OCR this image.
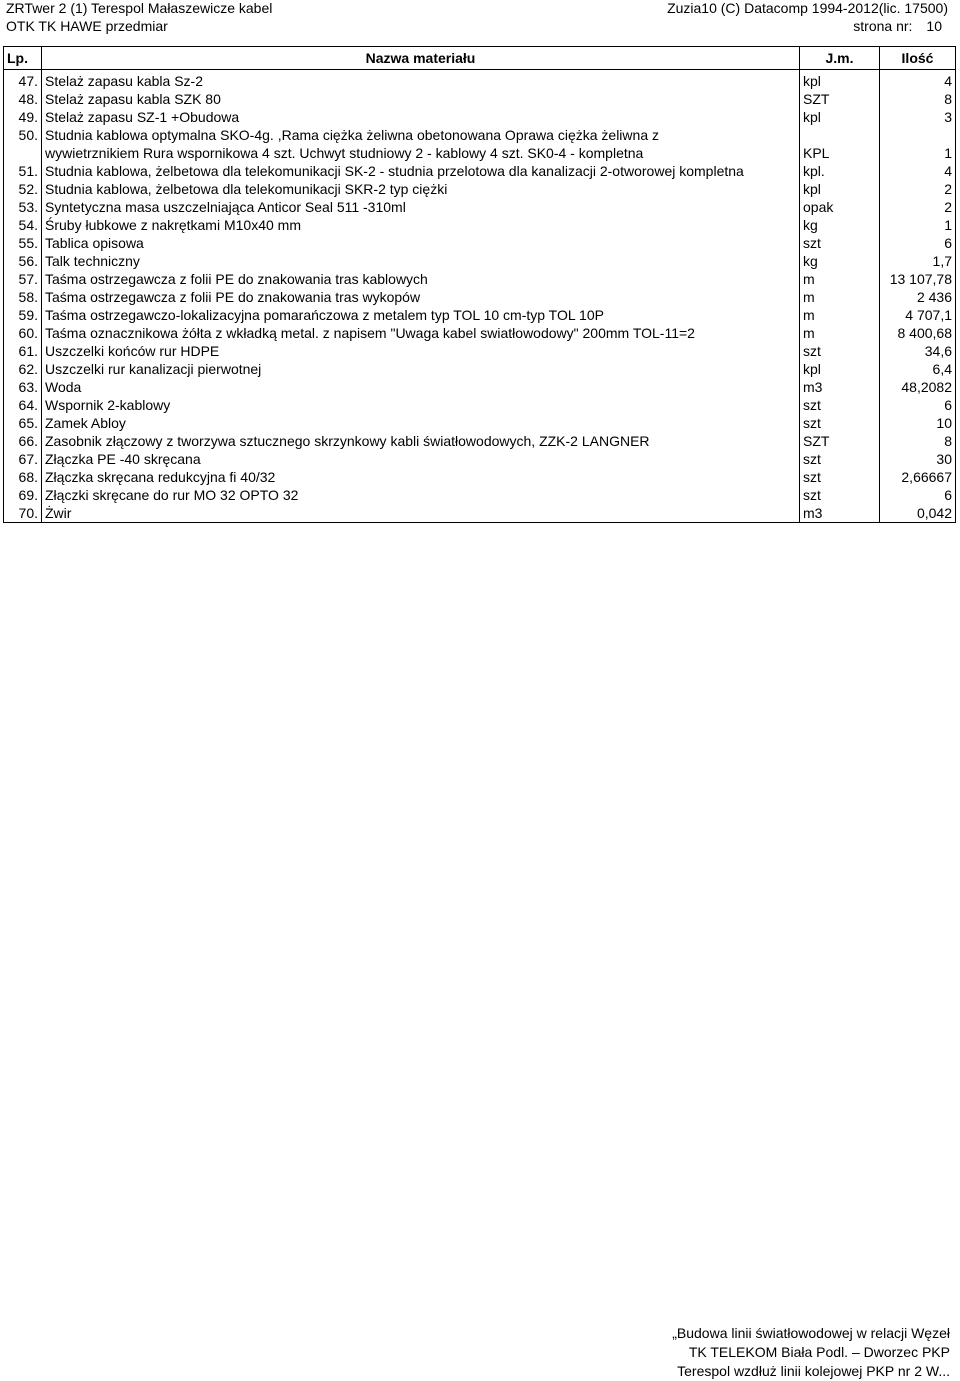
ZRTwer 2 (1) Terespol Małaszewicze kabel	Zuzia10 (C) Datacomp 1994-2012(lic. 17500)
OTK TK HAWE przedmiar	strona nr: 10
Lp.	Nazwa materiału	J.m.	Ilość
47.	Stelaż zapasu kabla Sz-2	kpl	4
48.	Stelaż zapasu kabla SZK 80	SZT	8
49.	Stelaż zapasu SZ-1 +Obudowa	kpl	3
50.	Studnia kablowa optymalna SKO-4g. ,Rama ciężka żeliwna obetonowana Oprawa ciężka żeliwna z		
	wywietrznikiem Rura wspornikowa 4 szt. Uchwyt studniowy 2 - kablowy 4 szt. SK0-4 - kompletna	KPL	1
51.	Studnia kablowa, żelbetowa dla telekomunikacji SK-2 - studnia przelotowa dla kanalizacji 2-otworowej kompletna	kpl.	4
52.	Studnia kablowa, żelbetowa dla telekomunikacji SKR-2 typ ciężki	kpl	2
53.	Syntetyczna masa uszczelniająca Anticor Seal 511 -310ml	opak	2
54.	Śruby łubkowe z nakrętkami M10x40 mm	kg	1
55.	Tablica opisowa	szt	6
56.	Talk techniczny	kg	1,7
57.	Taśma ostrzegawcza z folii PE do znakowania tras kablowych	m	13 107,78
58.	Taśma ostrzegawcza z folii PE do znakowania tras wykopów	m	2 436
59.	Taśma ostrzegawczo-lokalizacyjna pomarańczowa z metalem typ TOL 10 cm-typ TOL 10P	m	4 707,1
60.	Taśma oznacznikowa żółta z wkładką metal. z napisem "Uwaga kabel swiatłowodowy" 200mm TOL-11=2	m	8 400,68
61.	Uszczelki końców rur HDPE	szt	34,6
62.	Uszczelki rur kanalizacji pierwotnej	kpl	6,4
63.	Woda	m3	48,2082
64.	Wspornik 2-kablowy	szt	6
65.	Zamek Abloy	szt	10
66.	Zasobnik złączowy z tworzywa sztucznego skrzynkowy kabli światłowodowych, ZZK-2 LANGNER	SZT	8
67.	Złączka PE -40 skręcana	szt	30
68.	Złączka skręcana redukcyjna fi 40/32	szt	2,66667
69.	Złączki skręcane do rur MO 32 OPTO 32	szt	6
70.	Żwir	m3	0,042
„Budowa linii światłowodowej w relacji Węzeł
TK TELEKOM Biała Podl. – Dworzec PKP
Terespol wzdłuż linii kolejowej PKP nr 2 W...
